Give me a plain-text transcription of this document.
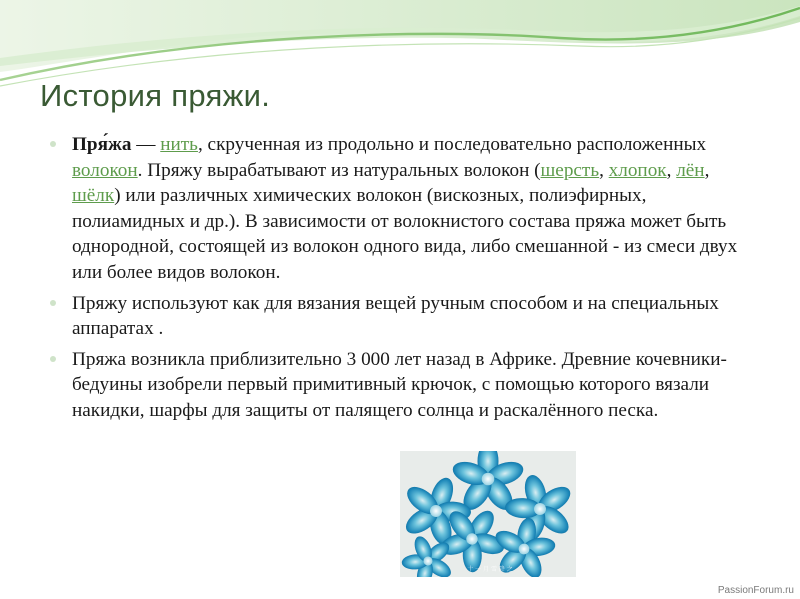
История пряжи.

Пря́жа — нить, скрученная из продольно и последовательно расположенных волокон. Пряжу вырабатывают из натуральных волокон (шерсть, хлопок, лён, шёлк) или различных химических волокон (вискозных, полиэфирных, полиамидных и др.). В зависимости от волокнистого состава пряжа может быть однородной, состоящей из волокон одного вида, либо смешанной - из смеси двух или более видов волокон.

Пряжу используют как для вязания вещей ручным способом и на специальных аппаратах .

Пряжа возникла приблизительно 3 000 лет назад в Африке. Древние кочевники-бедуины изобрели первый примитивный крючок, с помощью которого вязали накидки, шарфы для защиты от палящего солнца и раскалённого песка.

十 一 月 雪 降 之
PassionForum.ru
